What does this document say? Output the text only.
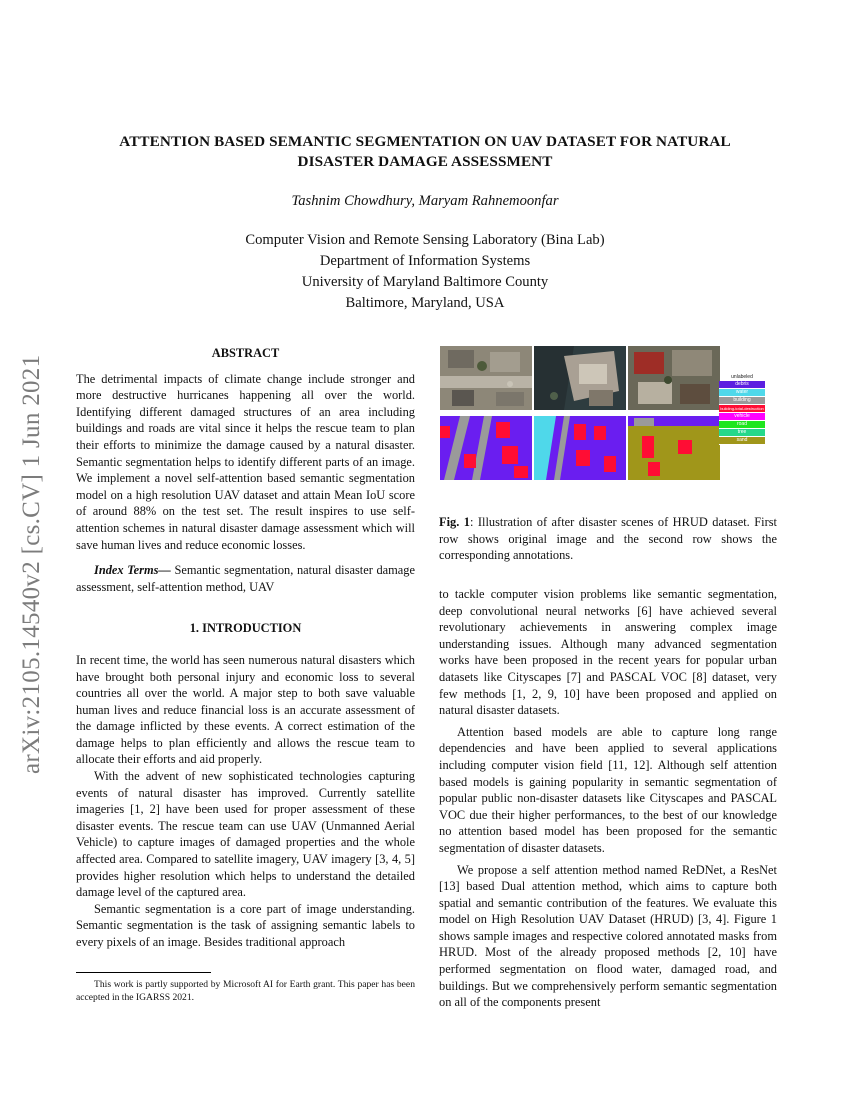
ATTENTION BASED SEMANTIC SEGMENTATION ON UAV DATASET FOR NATURAL
DISASTER DAMAGE ASSESSMENT
Tashnim Chowdhury, Maryam Rahnemoonfar
Computer Vision and Remote Sensing Laboratory (Bina Lab)
Department of Information Systems
University of Maryland Baltimore County
Baltimore, Maryland, USA
arXiv:2105.14540v2 [cs.CV] 1 Jun 2021
ABSTRACT

The detrimental impacts of climate change include stronger and more destructive hurricanes happening all over the world. Identifying different damaged structures of an area including buildings and roads are vital since it helps the rescue team to plan their efforts to minimize the damage caused by a natural disaster. Semantic segmentation helps to identify different parts of an image. We implement a novel self-attention based semantic segmentation model on a high resolution UAV dataset and attain Mean IoU score of around 88% on the test set. The result inspires to use self-attention schemes in natural disaster damage assessment which will save human lives and reduce economic losses.

Index Terms— Semantic segmentation, natural disaster damage assessment, self-attention method, UAV

1. INTRODUCTION

In recent time, the world has seen numerous natural disasters which have brought both personal injury and economic loss to several countries all over the world. A major step to both save valuable human lives and reduce financial loss is an accurate assessment of the damage inflicted by these events. A correct estimation of the damage helps to plan efficiently and allows the rescue team to allocate their efforts and aid properly.

With the advent of new sophisticated technologies capturing events of natural disaster has improved. Currently satellite imageries [1, 2] have been used for proper assessment of these disaster events. The rescue team can use UAV (Unmanned Aerial Vehicle) to capture images of damaged properties and the whole affected area. Compared to satellite imagery, UAV imagery [3, 4, 5] provides higher resolution which helps to understand the detailed damage level of the captured area.

Semantic segmentation is a core part of image understanding. Semantic segmentation is the task of assigning semantic labels to every pixels of an image. Besides traditional approach

This work is partly supported by Microsoft AI for Earth grant. This paper has been accepted in the IGARSS 2021.
unlabeled
debris
water
building
building-total-destruction
vehicle
road
tree
sand
Fig. 1: Illustration of after disaster scenes of HRUD dataset. First row shows original image and the second row shows the corresponding annotations.

to tackle computer vision problems like semantic segmentation, deep convolutional neural networks [6] have achieved several revolutionary achievements in answering complex image understanding issues. Although many advanced segmentation works have been proposed in the recent years for popular urban datasets like Cityscapes [7] and PASCAL VOC [8] dataset, very few methods [1, 2, 9, 10] have been proposed and applied on natural disaster datasets.

Attention based models are able to capture long range dependencies and have been applied to several applications including computer vision field [11, 12]. Although self attention based models is gaining popularity in semantic segmentation of popular public non-disaster datasets like Cityscapes and PASCAL VOC due their higher performances, to the best of our knowledge no attention based model has been proposed for the semantic segmentation of disaster datasets.

We propose a self attention method named ReDNet, a ResNet [13] based Dual attention method, which aims to capture both spatial and semantic contribution of the features. We evaluate this model on High Resolution UAV Dataset (HRUD) [3, 4]. Figure 1 shows sample images and respective colored annotated masks from HRUD. Most of the already proposed methods [2, 10] have performed segmentation on flood water, damaged road, and buildings. But we comprehensively perform semantic segmentation on all of the components present
